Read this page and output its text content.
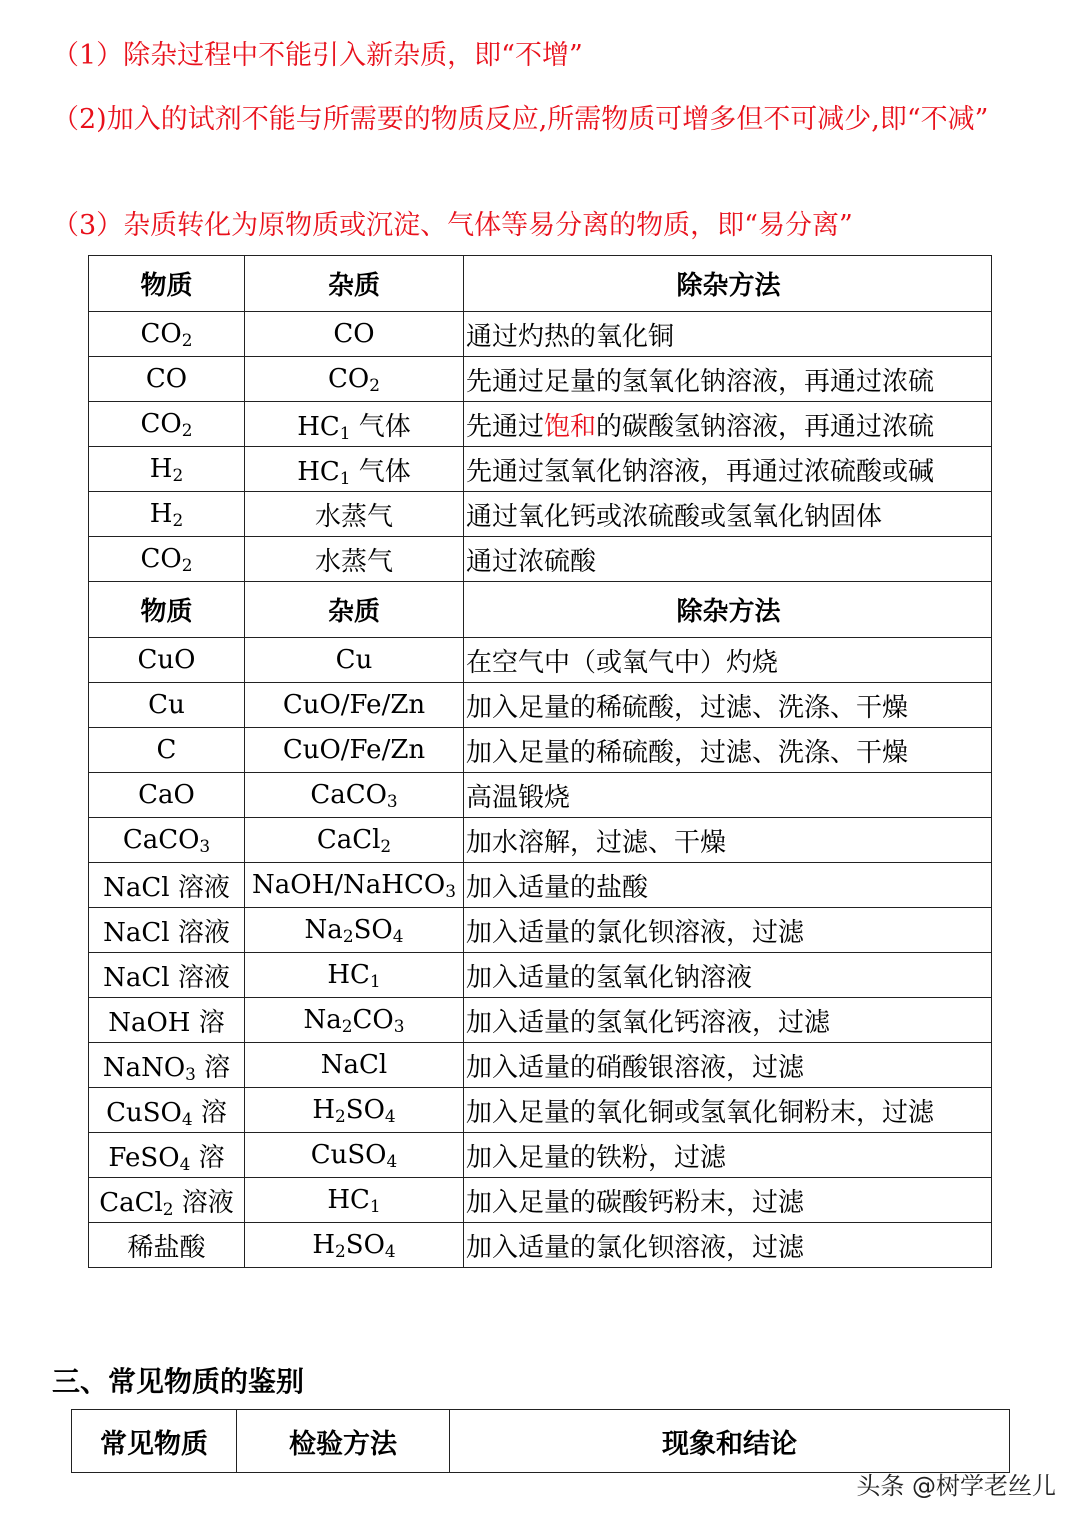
（1）除杂过程中不能引入新杂质，即“不增”

（2)加入的试剂不能与所需要的物质反应,所需物质可增多但不可减少,即“不减”

（3）杂质转化为原物质或沉淀、气体等易分离的物质，即“易分离”

物质	杂质	除杂方法
$CO_2$	CO	通过灼热的氧化铜
CO	$CO_2$	先通过足量的氢氧化钠溶液，再通过浓硫
$CO_2$	$HC_1$ 气体	先通过饱和的碳酸氢钠溶液，再通过浓硫
$H_2$	$HC_1$ 气体	先通过氢氧化钠溶液，再通过浓硫酸或碱
$H_2$	水蒸气	通过氧化钙或浓硫酸或氢氧化钠固体
$CO_2$	水蒸气	通过浓硫酸
物质	杂质	除杂方法
CuO	Cu	在空气中（或氧气中）灼烧
Cu	CuO/Fe/Zn	加入足量的稀硫酸，过滤、洗涤、干燥
C	CuO/Fe/Zn	加入足量的稀硫酸，过滤、洗涤、干燥
CaO	CaCO$_3$	高温锻烧
CaCO$_3$	CaCl$_2$	加水溶解，过滤、干燥
NaCl 溶液	NaOH/NaHCO$_3$	加入适量的盐酸
NaCl 溶液	$Na_2SO_4$	加入适量的氯化钡溶液，过滤
NaCl 溶液	$HC_1$	加入适量的氢氧化钠溶液
NaOH 溶	$Na_2CO_3$	加入适量的氢氧化钙溶液，过滤
NaNO$_3$ 溶	NaCl	加入适量的硝酸银溶液，过滤
CuSO$_4$ 溶	$H_2SO_4$	加入足量的氧化铜或氢氧化铜粉末，过滤
FeSO$_4$ 溶	CuSO$_4$	加入足量的铁粉，过滤
CaCl$_2$ 溶液	$HC_1$	加入足量的碳酸钙粉末，过滤
稀盐酸	$H_2SO_4$	加入适量的氯化钡溶液，过滤
三、常见物质的鉴别
常见物质	检验方法	现象和结论
头条 @树学老丝儿
